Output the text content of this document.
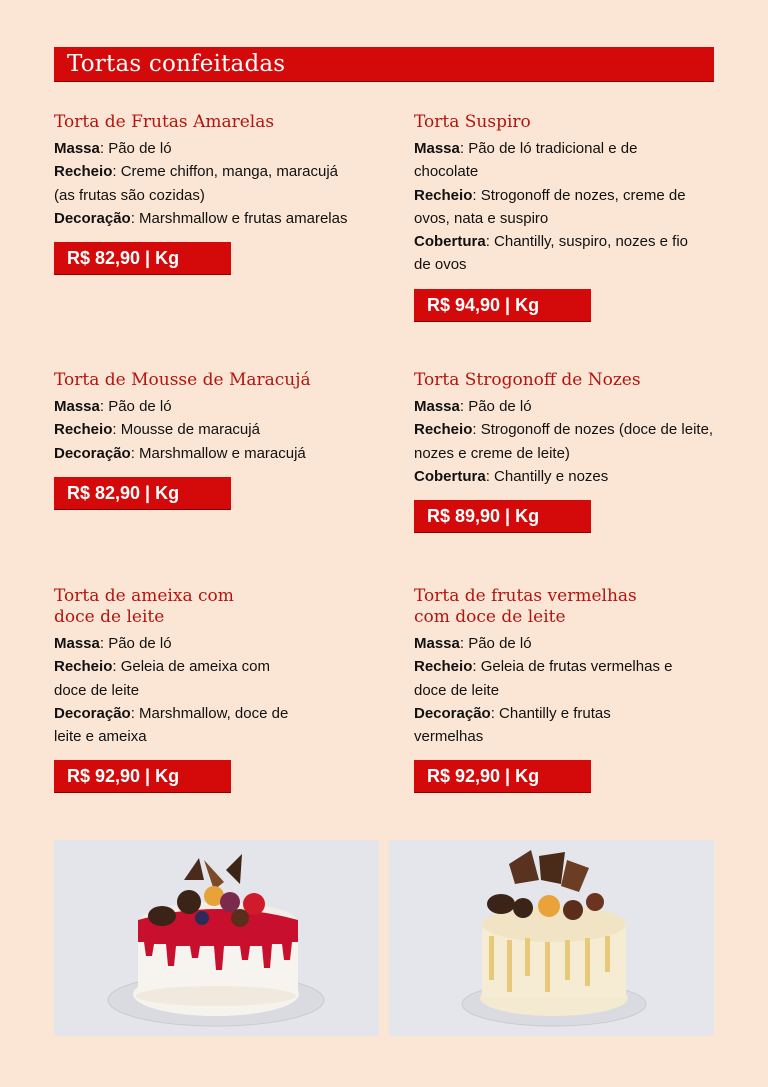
Tortas confeitadas
Torta de Frutas Amarelas
Massa: Pão de ló
Recheio: Creme chiffon, manga, maracujá (as frutas são cozidas)
Decoração: Marshmallow e frutas amarelas
R$ 82,90 | Kg
Torta Suspiro
Massa: Pão de ló tradicional e de chocolate
Recheio: Strogonoff de nozes, creme de ovos, nata e suspiro
Cobertura: Chantilly, suspiro, nozes e fio de ovos
R$ 94,90 | Kg
Torta de Mousse de Maracujá
Massa: Pão de ló
Recheio: Mousse de maracujá
Decoração: Marshmallow e maracujá
R$ 82,90 | Kg
Torta Strogonoff de Nozes
Massa: Pão de ló
Recheio: Strogonoff de nozes (doce de leite, nozes e creme de leite)
Cobertura: Chantilly e nozes
R$ 89,90 | Kg
Torta de ameixa com doce de leite
Massa: Pão de ló
Recheio: Geleia de ameixa com doce de leite
Decoração: Marshmallow, doce de leite e ameixa
R$ 92,90 | Kg
Torta de frutas vermelhas com doce de leite
Massa: Pão de ló
Recheio: Geleia de frutas vermelhas e doce de leite
Decoração: Chantilly e frutas vermelhas
R$ 92,90 | Kg
